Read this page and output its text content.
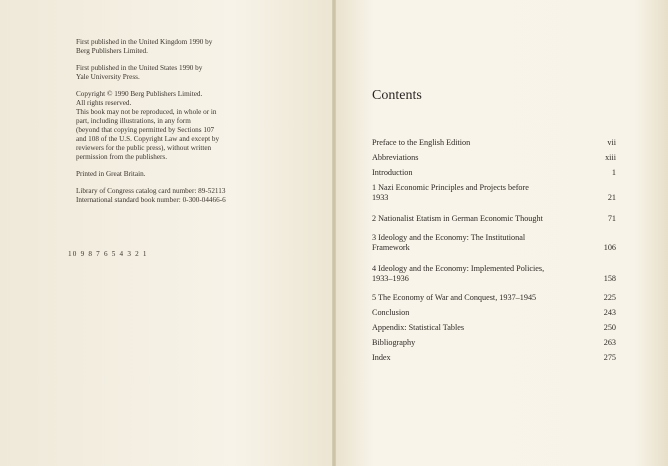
First published in the United Kingdom 1990 by
Berg Publishers Limited.
First published in the United States 1990 by
Yale University Press.
Copyright © 1990 Berg Publishers Limited.
All rights reserved.
This book may not be reproduced, in whole or in
part, including illustrations, in any form
(beyond that copying permitted by Sections 107
and 108 of the U.S. Copyright Law and except by
reviewers for the public press), without written
permission from the publishers.
Printed in Great Britain.
Library of Congress catalog card number: 89-52113
International standard book number: 0-300-04466-6
10 9 8 7 6 5 4 3 2 1
Contents
Preface to the English Edition	vii
Abbreviations	xiii
Introduction	1
1 Nazi Economic Principles and Projects before
1933	21
2 Nationalist Etatism in German Economic Thought	71
3 Ideology and the Economy: The Institutional
Framework	106
4 Ideology and the Economy: Implemented Policies,
1933–1936	158
5 The Economy of War and Conquest, 1937–1945	225
Conclusion	243
Appendix: Statistical Tables	250
Bibliography	263
Index	275
